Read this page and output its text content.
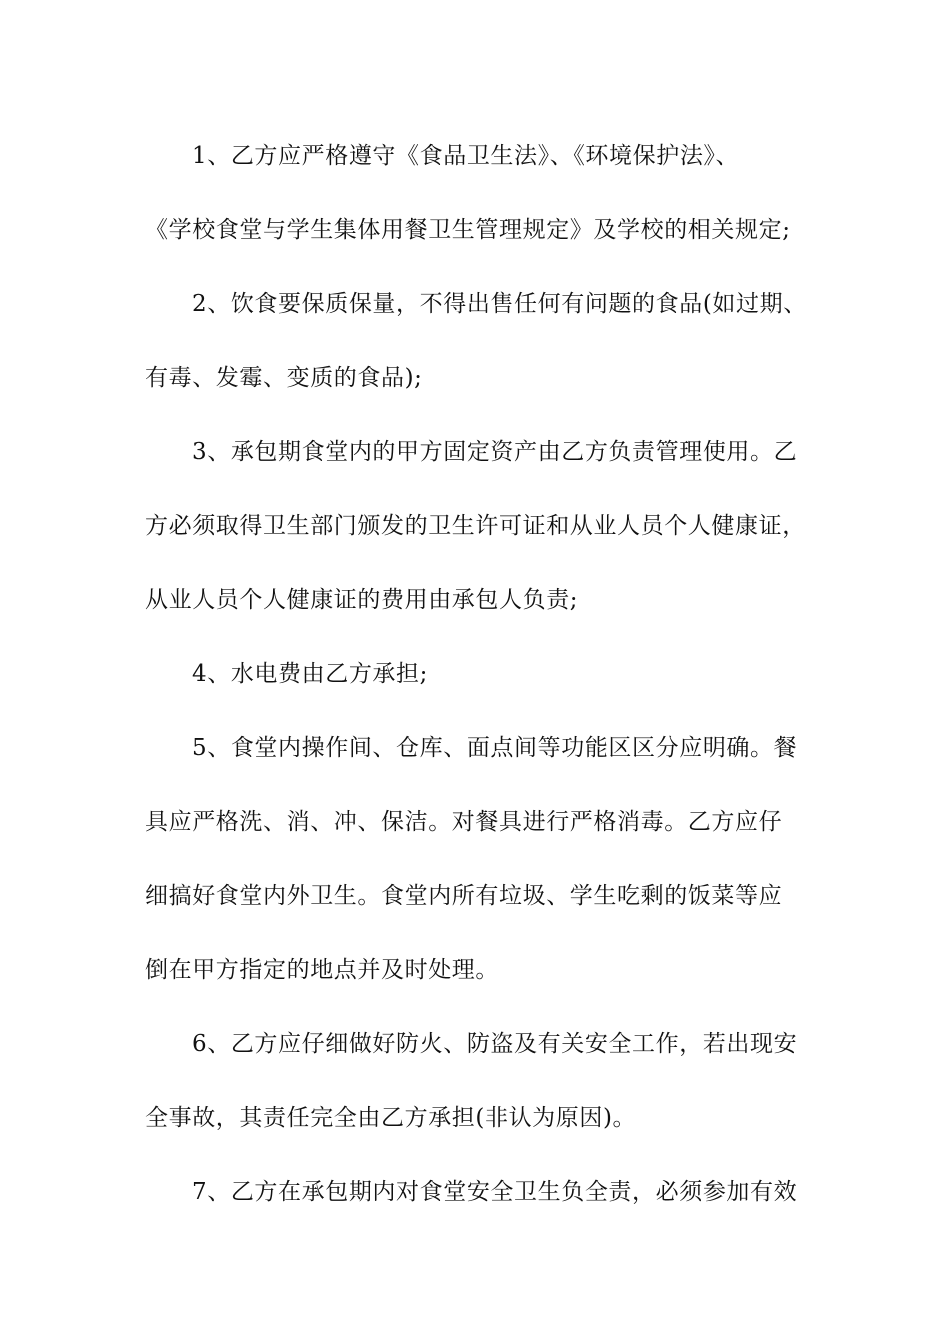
1、乙方应严格遵守《食品卫生法》、《环境保护法》、
《学校食堂与学生集体用餐卫生管理规定》及学校的相关规定;
2、饮食要保质保量，不得出售任何有问题的食品(如过期、
有毒、发霉、变质的食品);
3、承包期食堂内的甲方固定资产由乙方负责管理使用。乙
方必须取得卫生部门颁发的卫生许可证和从业人员个人健康证，
从业人员个人健康证的费用由承包人负责;
4、水电费由乙方承担;
5、食堂内操作间、仓库、面点间等功能区区分应明确。餐
具应严格洗、消、冲、保洁。对餐具进行严格消毒。乙方应仔
细搞好食堂内外卫生。食堂内所有垃圾、学生吃剩的饭菜等应
倒在甲方指定的地点并及时处理。
6、乙方应仔细做好防火、防盗及有关安全工作，若出现安
全事故，其责任完全由乙方承担(非认为原因)。
7、乙方在承包期内对食堂安全卫生负全责，必须参加有效
